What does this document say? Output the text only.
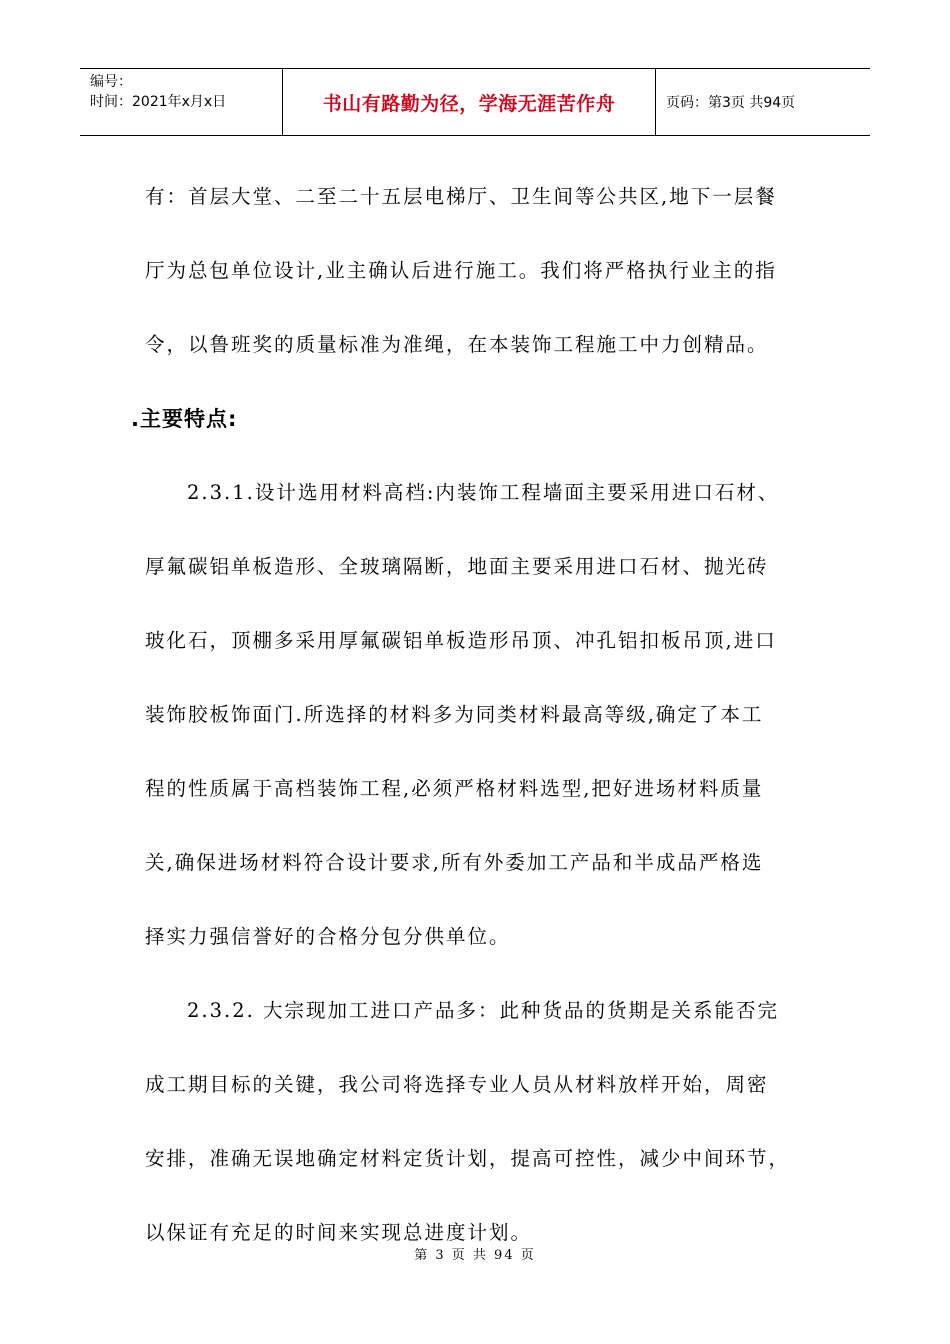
编号：
时间：2021年x月x日	书山有路勤为径，学海无涯苦作舟	页码：第3页 共94页
有：首层大堂、二至二十五层电梯厅、卫生间等公共区,地下一层餐
厅为总包单位设计,业主确认后进行施工。我们将严格执行业主的指
令，以鲁班奖的质量标准为准绳，在本装饰工程施工中力创精品。
.主要特点:
2.3.1.设计选用材料高档:内装饰工程墙面主要采用进口石材、
厚氟碳铝单板造形、全玻璃隔断，地面主要采用进口石材、抛光砖
玻化石，顶棚多采用厚氟碳铝单板造形吊顶、冲孔铝扣板吊顶,进口
装饰胶板饰面门.所选择的材料多为同类材料最高等级,确定了本工
程的性质属于高档装饰工程,必须严格材料选型,把好进场材料质量
关,确保进场材料符合设计要求,所有外委加工产品和半成品严格选
择实力强信誉好的合格分包分供单位。
2.3.2. 大宗现加工进口产品多：此种货品的货期是关系能否完
成工期目标的关键，我公司将选择专业人员从材料放样开始，周密
安排，准确无误地确定材料定货计划，提高可控性，减少中间环节，
以保证有充足的时间来实现总进度计划。
第 3 页 共 94 页
